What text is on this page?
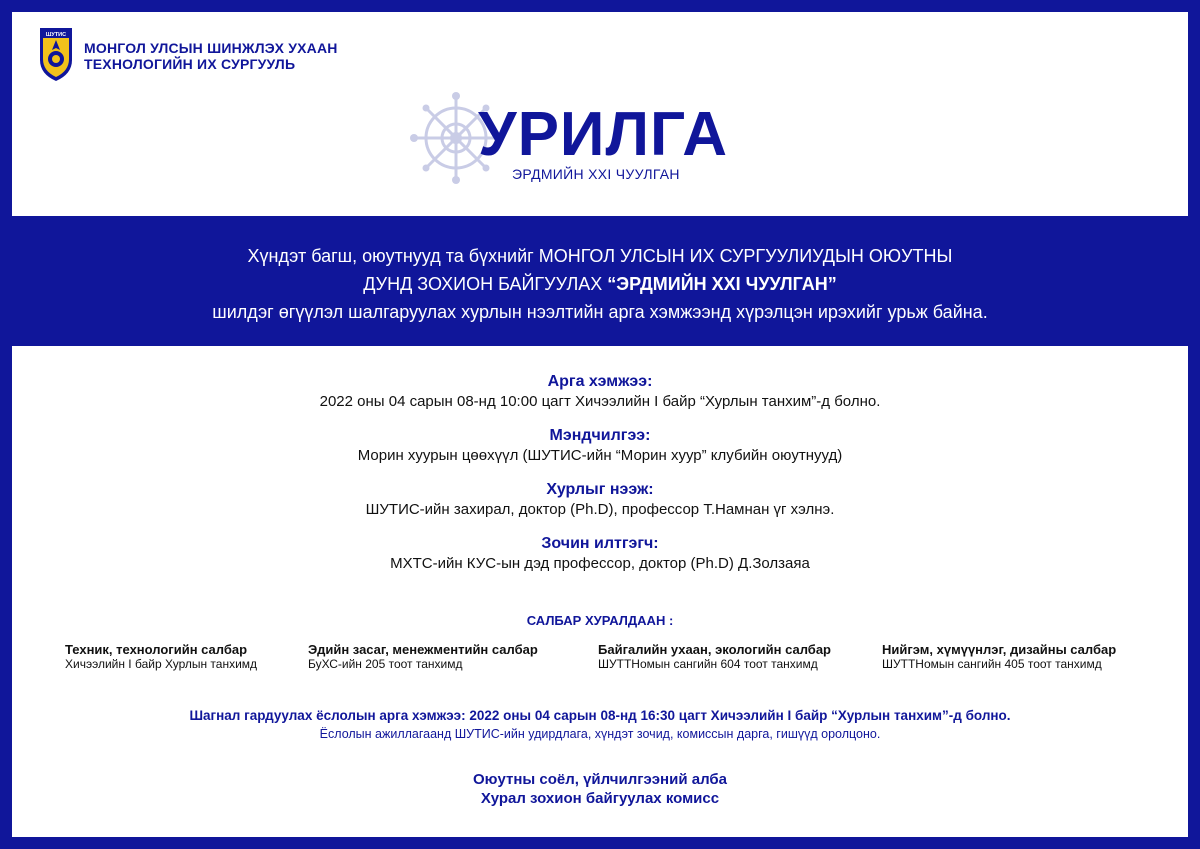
ШУТИС
МОНГОЛ УЛСЫН ШИНЖЛЭХ УХААН
ТЕХНОЛОГИЙН ИХ СУРГУУЛЬ
УРИЛГА
ЭРДМИЙН XXI ЧУУЛГАН
Хүндэт багш, оюутнууд та бүхнийг МОНГОЛ УЛСЫН ИХ СУРГУУЛИУДЫН ОЮУТНЫ
ДУНД ЗОХИОН БАЙГУУЛАХ “ЭРДМИЙН XXI ЧУУЛГАН”
шилдэг өгүүлэл шалгаруулах хурлын нээлтийн арга хэмжээнд хүрэлцэн ирэхийг урьж байна.
Арга хэмжээ:
2022 оны 04 сарын 08-нд 10:00 цагт Хичээлийн I байр “Хурлын танхим”-д болно.
Мэндчилгээ:
Морин хуурын цөөхүүл (ШУТИС-ийн “Морин хуур” клубийн оюутнууд)
Хурлыг нээж:
ШУТИС-ийн захирал, доктор (Ph.D), профессор Т.Намнан үг хэлнэ.
Зочин илтгэгч:
МХТС-ийн КУС-ын дэд профессор, доктор (Ph.D) Д.Золзаяа
САЛБАР ХУРАЛДААН :
Техник, технологийн салбар
Хичээлийн I байр Хурлын танхимд
Эдийн засаг, менежментийн салбар
БуХС-ийн 205 тоот танхимд
Байгалийн ухаан, экологийн салбар
ШУТТНомын сангийн 604 тоот танхимд
Нийгэм, хүмүүнлэг, дизайны салбар
ШУТТНомын сангийн 405 тоот танхимд
Шагнал гардуулах ёслолын арга хэмжээ: 2022 оны 04 сарын 08-нд 16:30 цагт Хичээлийн I байр “Хурлын танхим”-д болно.
Ёслолын ажиллагаанд ШУТИС-ийн удирдлага, хүндэт зочид, комиссын дарга, гишүүд оролцоно.
Оюутны соёл, үйлчилгээний алба
Хурал зохион байгуулах комисс
